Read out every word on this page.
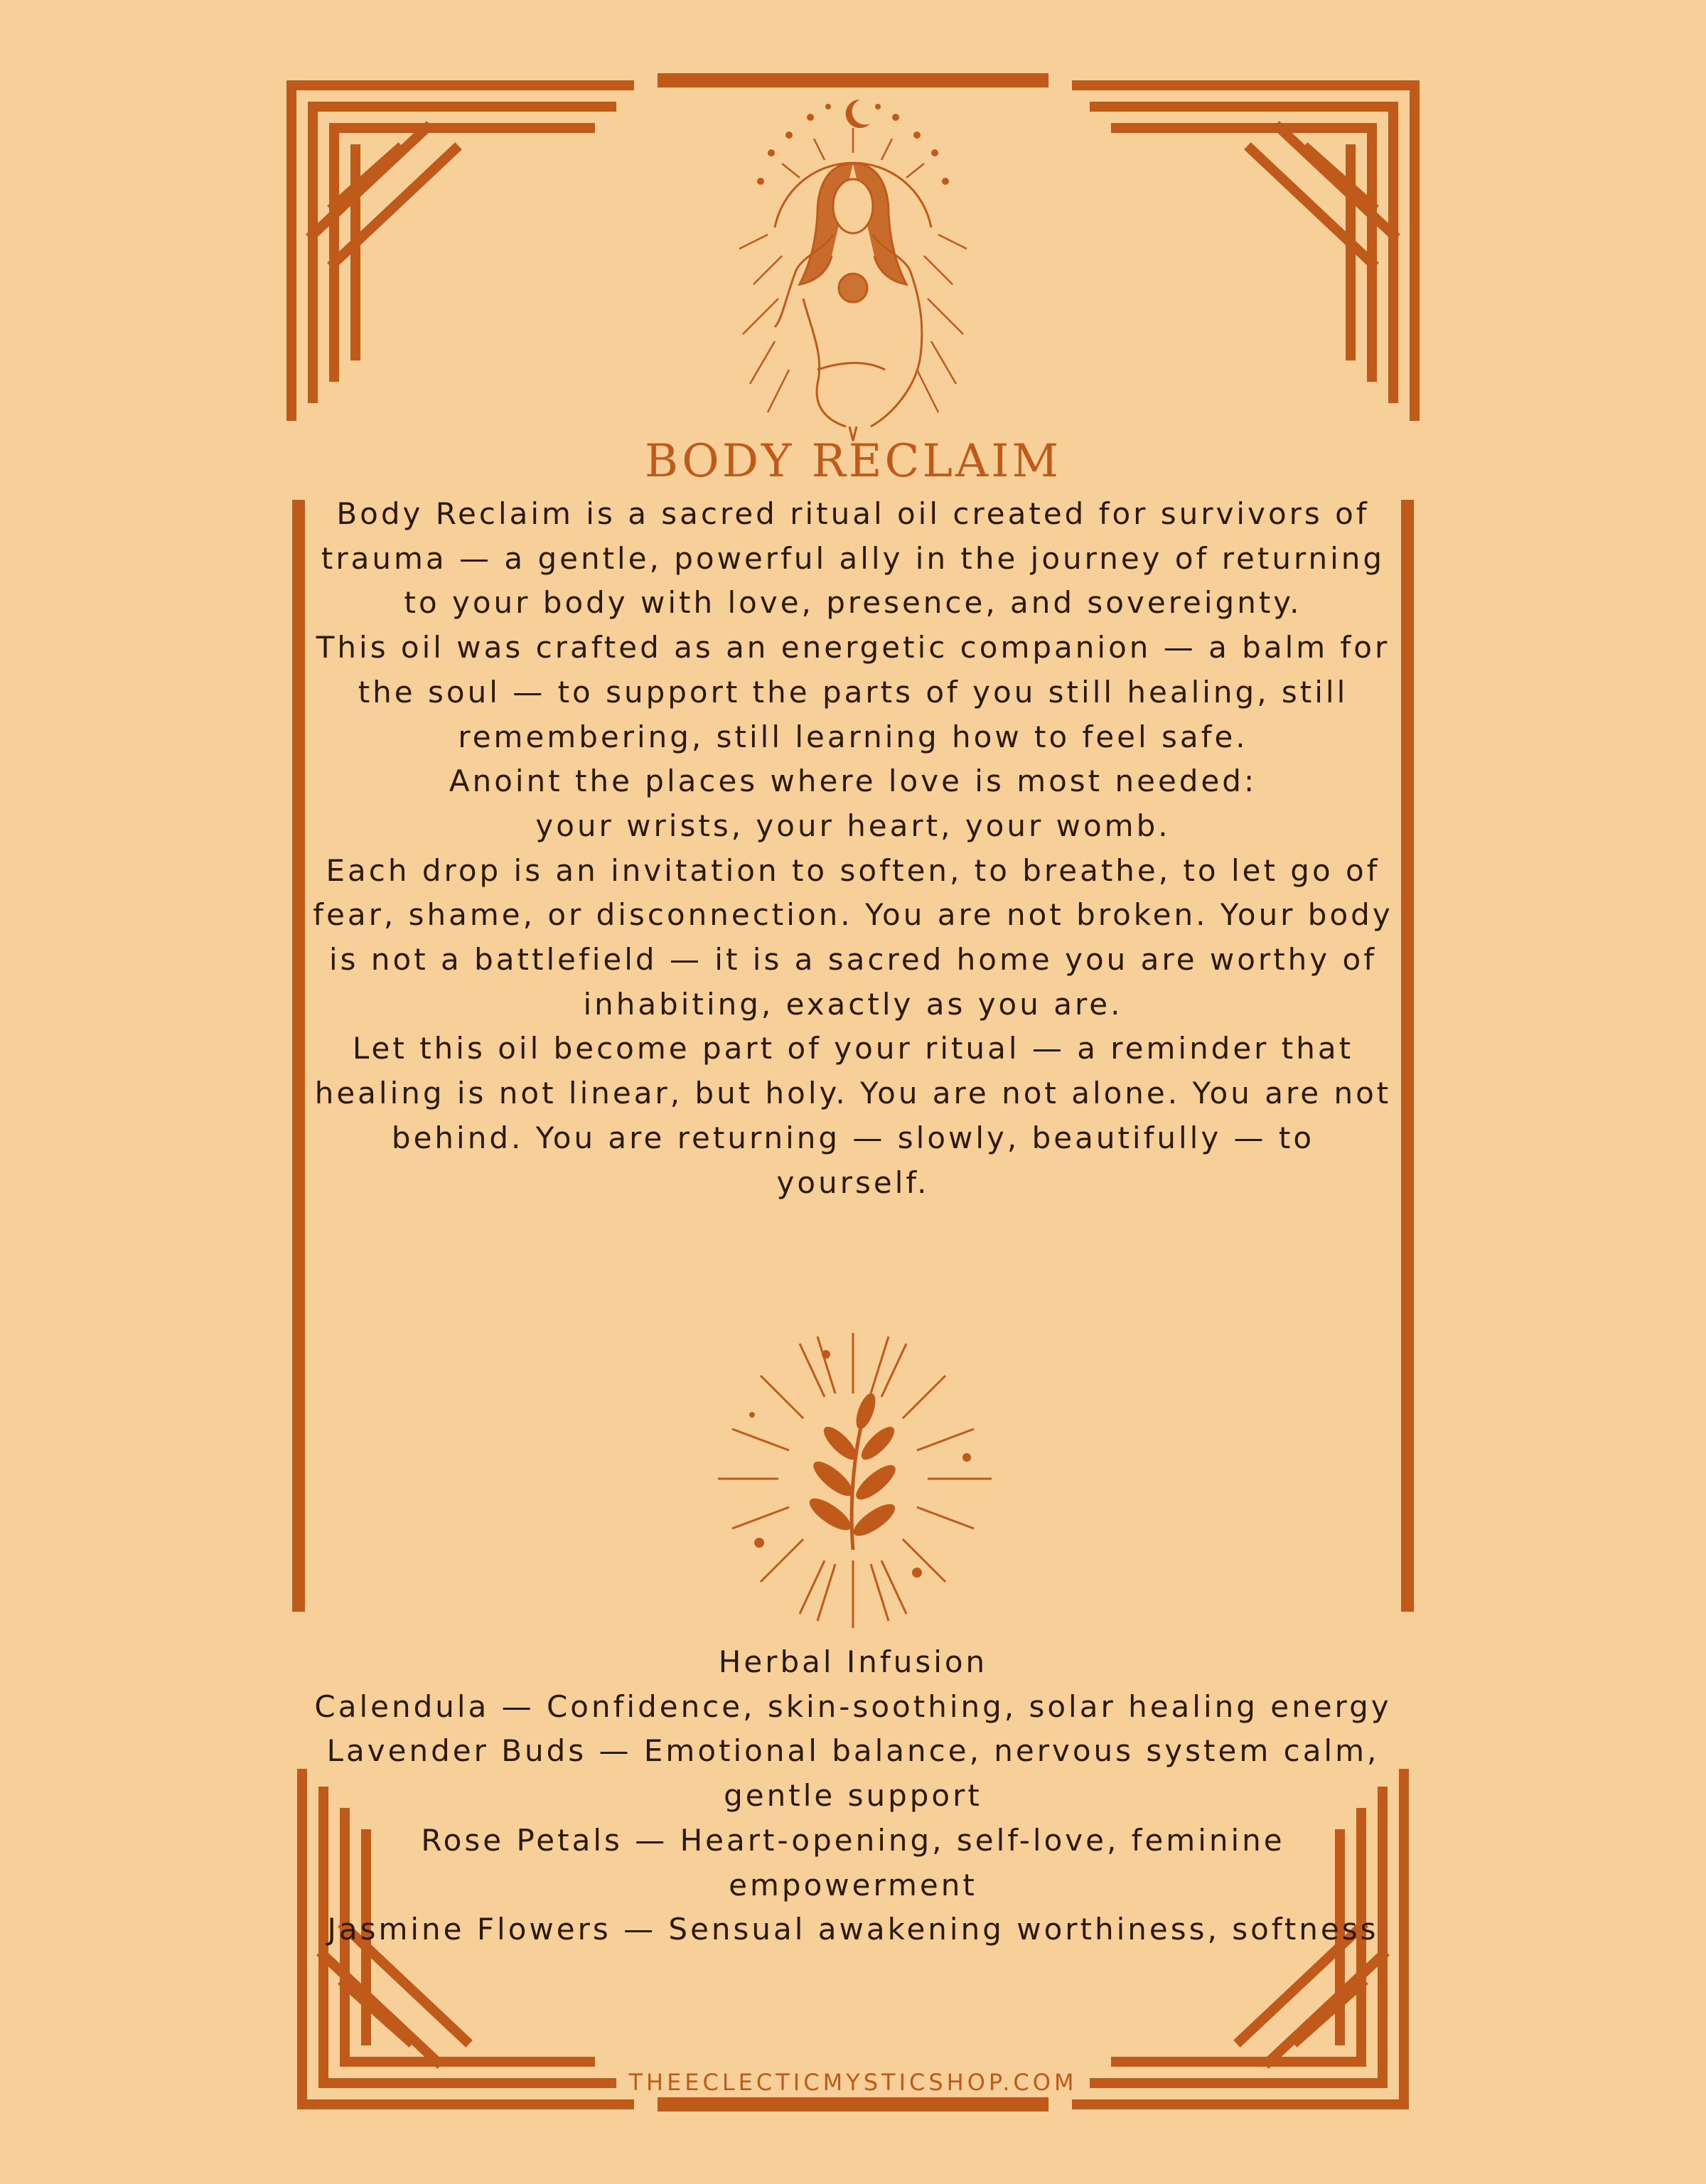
BODY RECLAIM

Body Reclaim is a sacred ritual oil created for survivors of trauma — a gentle, powerful ally in the journey of returning to your body with love, presence, and sovereignty.

This oil was crafted as an energetic companion — a balm for the soul — to support the parts of you still healing, still remembering, still learning how to feel safe.

Anoint the places where love is most needed:

your wrists, your heart, your womb.

Each drop is an invitation to soften, to breathe, to let go of fear, shame, or disconnection. You are not broken. Your body is not a battlefield — it is a sacred home you are worthy of inhabiting, exactly as you are.

Let this oil become part of your ritual — a reminder that healing is not linear, but holy. You are not alone. You are not behind. You are returning — slowly, beautifully — to yourself.

Herbal Infusion

Calendula — Confidence, skin-soothing, solar healing energy

Lavender Buds — Emotional balance, nervous system calm, gentle support

Rose Petals — Heart-opening, self-love, feminine empowerment

Jasmine Flowers — Sensual awakening worthiness, softness

THEECLECTICMYSTICSHOP.COM
